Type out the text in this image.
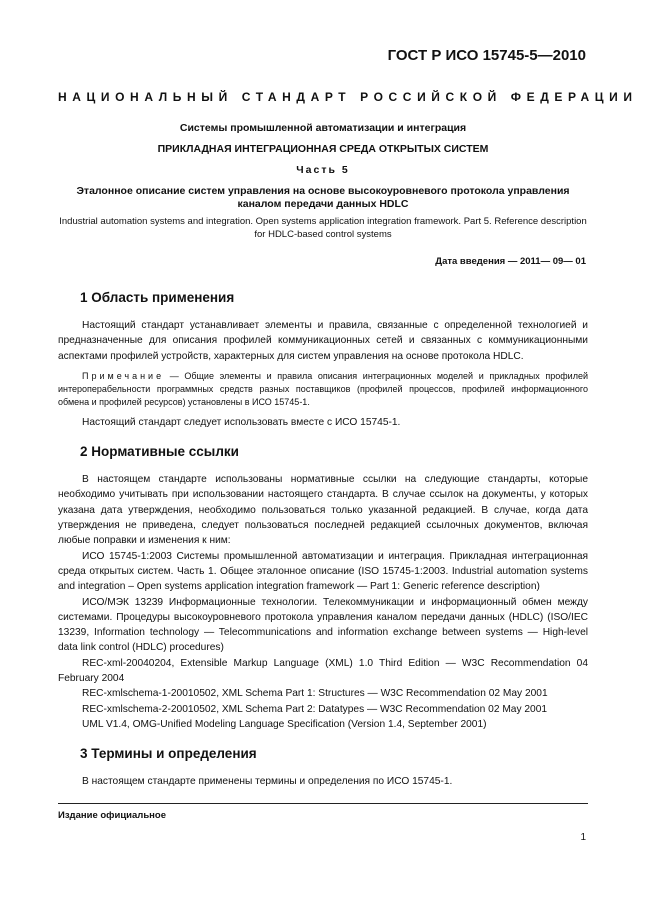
ГОСТ Р ИСО 15745-5—2010
НАЦИОНАЛЬНЫЙ СТАНДАРТ РОССИЙСКОЙ ФЕДЕРАЦИИ

Системы промышленной автоматизации и интеграция

ПРИКЛАДНАЯ ИНТЕГРАЦИОННАЯ СРЕДА ОТКРЫТЫХ СИСТЕМ

Часть 5

Эталонное описание систем управления на основе высокоуровневого протокола управления каналом передачи данных HDLC

Industrial automation systems and integration. Open systems application integration framework. Part 5. Reference description for HDLC-based control systems

Дата введения — 2011— 09— 01
1 Область применения

Настоящий стандарт устанавливает элементы и правила, связанные с определенной технологией и предназначенные для описания профилей коммуникационных сетей и связанных с коммуникационными аспектами профилей устройств, характерных для систем управления на основе протокола HDLC.

Примечание — Общие элементы и правила описания интеграционных моделей и прикладных профилей интероперабельности программных средств разных поставщиков (профилей процессов, профилей информационного обмена и профилей ресурсов) установлены в ИСО 15745-1.

Настоящий стандарт следует использовать вместе с ИСО 15745-1.

2 Нормативные ссылки

В настоящем стандарте использованы нормативные ссылки на следующие стандарты, которые необходимо учитывать при использовании настоящего стандарта. В случае ссылок на документы, у которых указана дата утверждения, необходимо пользоваться только указанной редакцией. В случае, когда дата утверждения не приведена, следует пользоваться последней редакцией ссылочных документов, включая любые поправки и изменения к ним:

ИСО 15745-1:2003 Системы промышленной автоматизации и интеграция. Прикладная интеграционная среда открытых систем. Часть 1. Общее эталонное описание (ISO 15745-1:2003. Industrial automation systems and integration – Open systems application integration framework — Part 1: Generic reference description)

ИСО/МЭК 13239 Информационные технологии. Телекоммуникации и информационный обмен между системами. Процедуры высокоуровневого протокола управления каналом передачи данных (HDLC) (ISO/IEC 13239, Information technology — Telecommunications and information exchange between systems — High-level data link control (HDLC) procedures)

REC-xml-20040204, Extensible Markup Language (XML) 1.0 Third Edition — W3C Recommendation 04 February 2004

REC-xmlschema-1-20010502, XML Schema Part 1: Structures — W3C Recommendation 02 May 2001

REC-xmlschema-2-20010502, XML Schema Part 2: Datatypes — W3C Recommendation 02 May 2001

UML V1.4, OMG-Unified Modeling Language Specification (Version 1.4, September 2001)

3 Термины и определения

В настоящем стандарте применены термины и определения по ИСО 15745-1.

Издание официальное
1
